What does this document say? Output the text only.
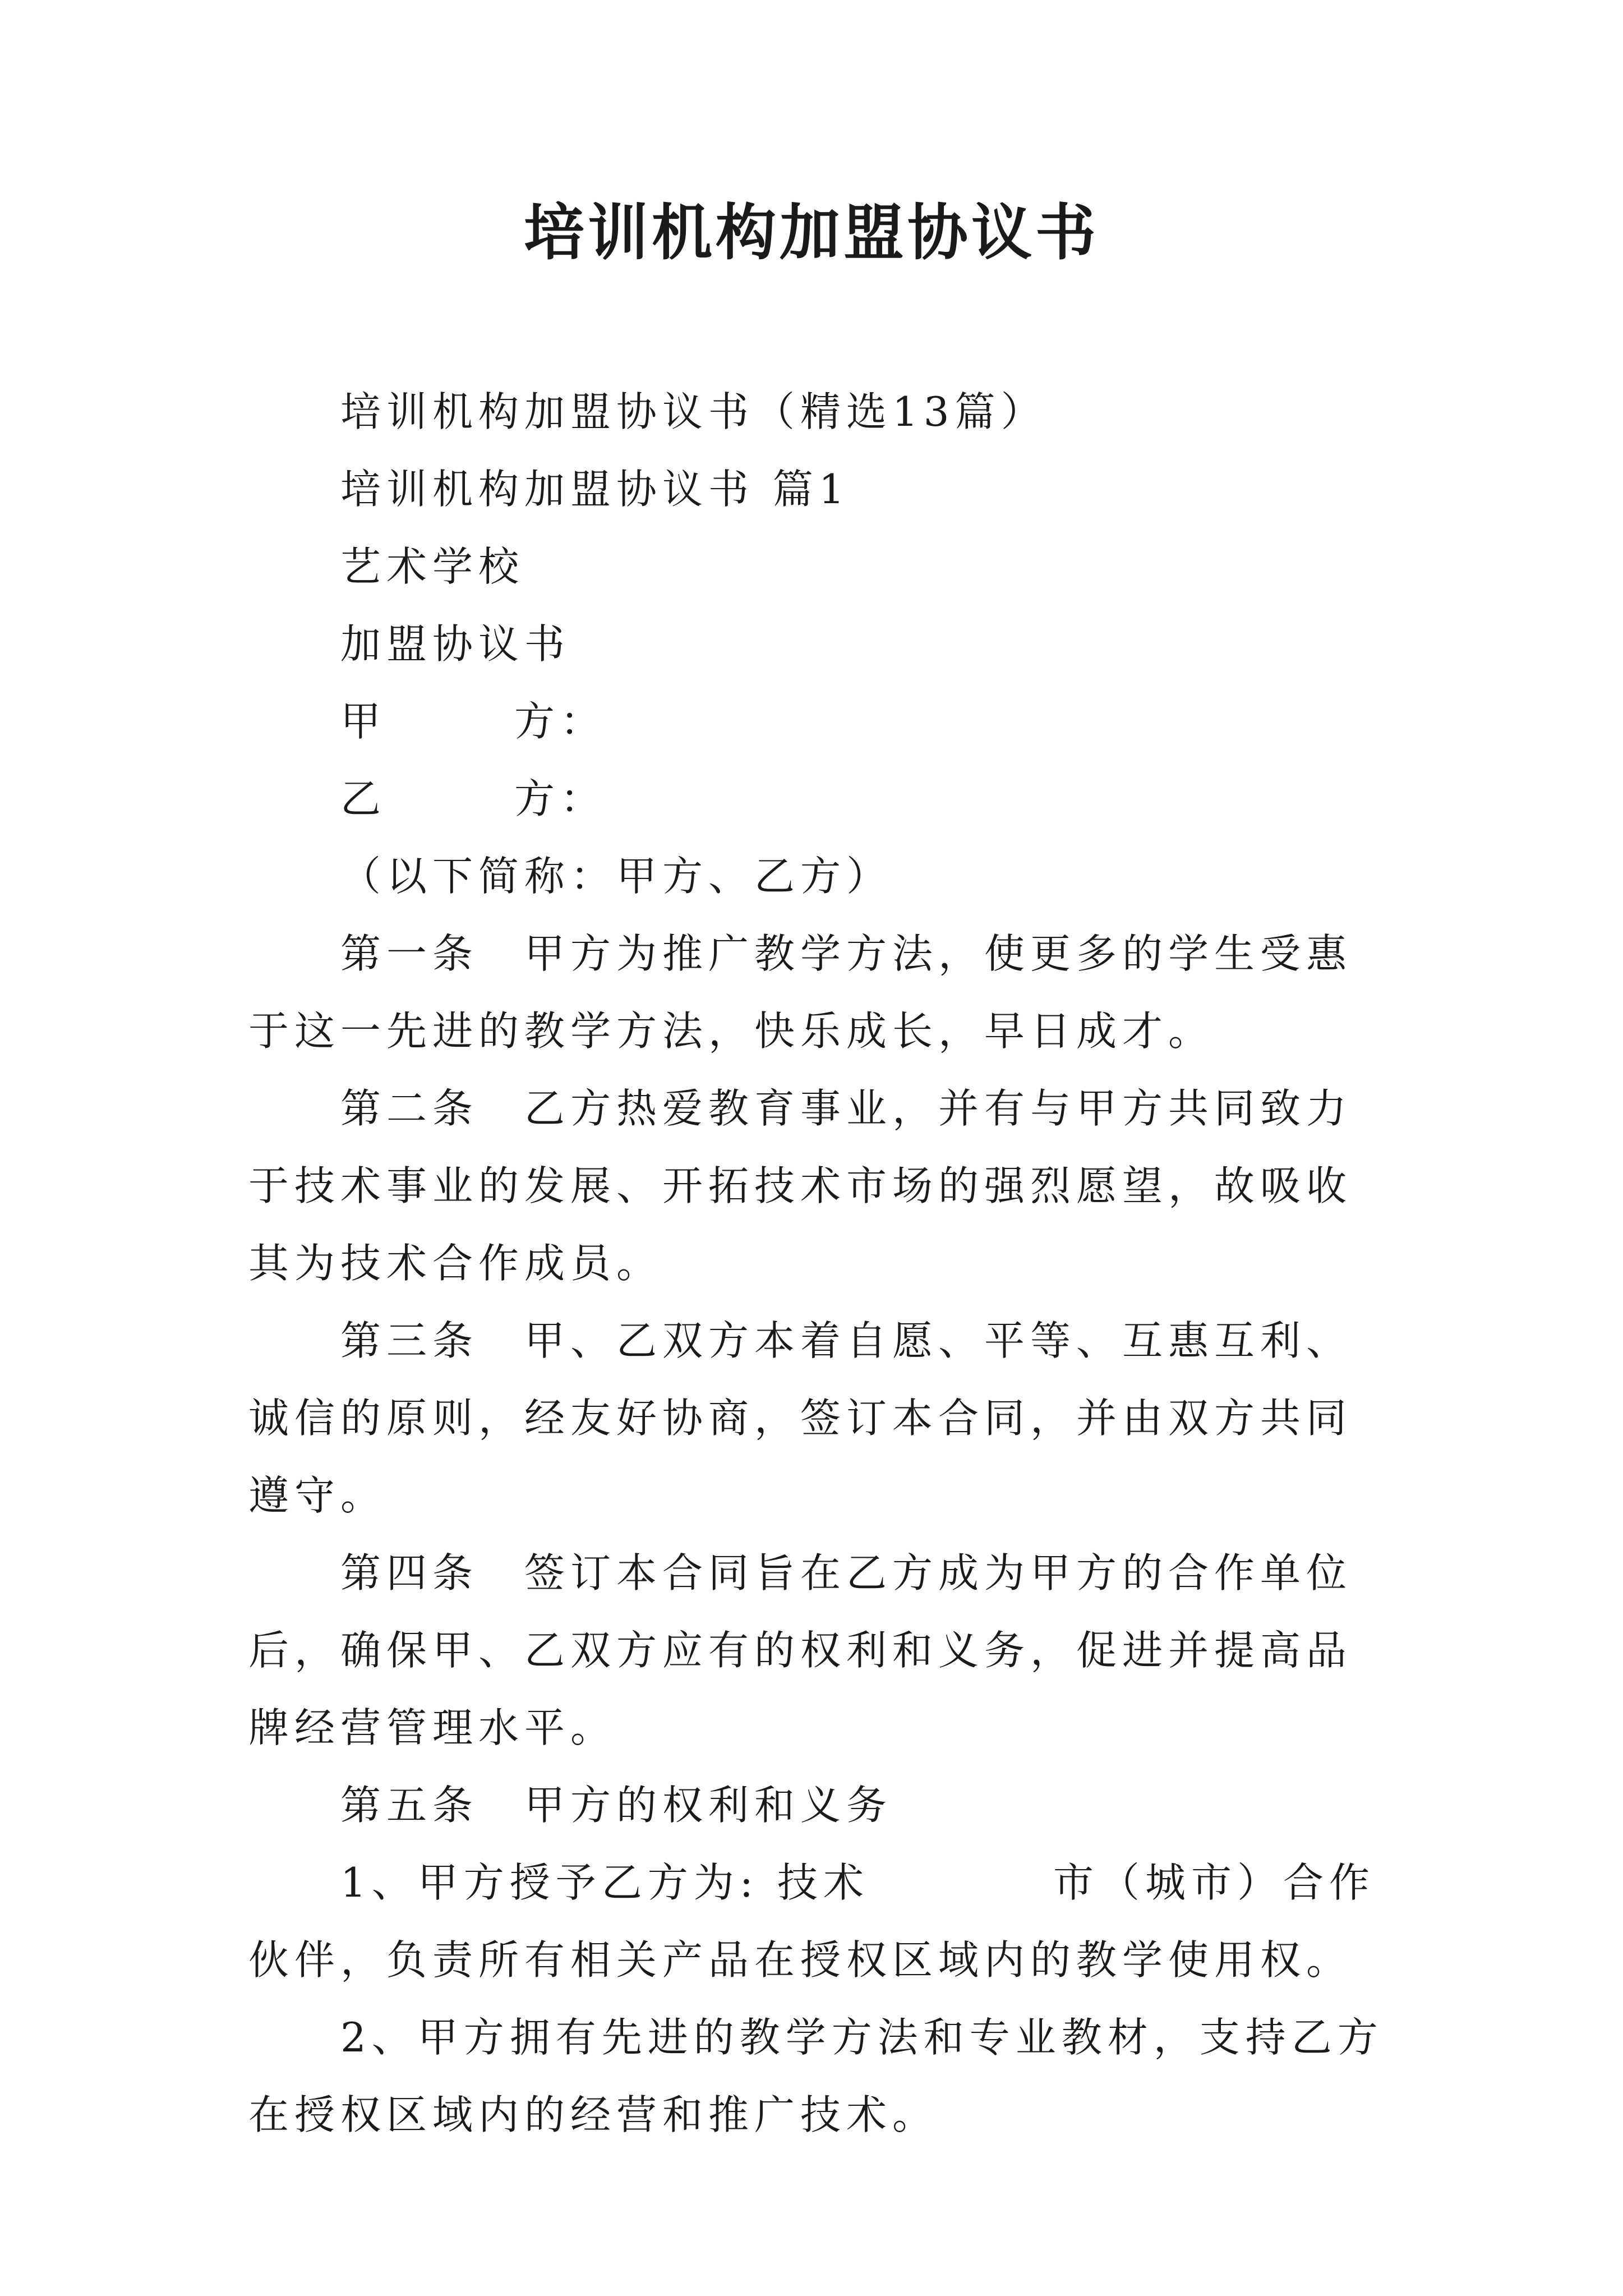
培训机构加盟协议书

培训机构加盟协议书（精选13篇）

培训机构加盟协议书 篇1

艺术学校

加盟协议书

甲	方：
乙	方：

（以下简称：甲方、乙方）

第一条　甲方为推广教学方法，使更多的学生受惠于这一先进的教学方法，快乐成长，早日成才。

第二条　乙方热爱教育事业，并有与甲方共同致力于技术事业的发展、开拓技术市场的强烈愿望，故吸收其为技术合作成员。

第三条　甲、乙双方本着自愿、平等、互惠互利、诚信的原则，经友好协商，签订本合同，并由双方共同遵守。

第四条　签订本合同旨在乙方成为甲方的合作单位后，确保甲、乙双方应有的权利和义务，促进并提高品牌经营管理水平。

第五条　甲方的权利和义务

1、甲方授予乙方为: 技术　　　　市（城市）合作伙伴，负责所有相关产品在授权区域内的教学使用权。

2、甲方拥有先进的教学方法和专业教材，支持乙方在授权区域内的经营和推广技术。
